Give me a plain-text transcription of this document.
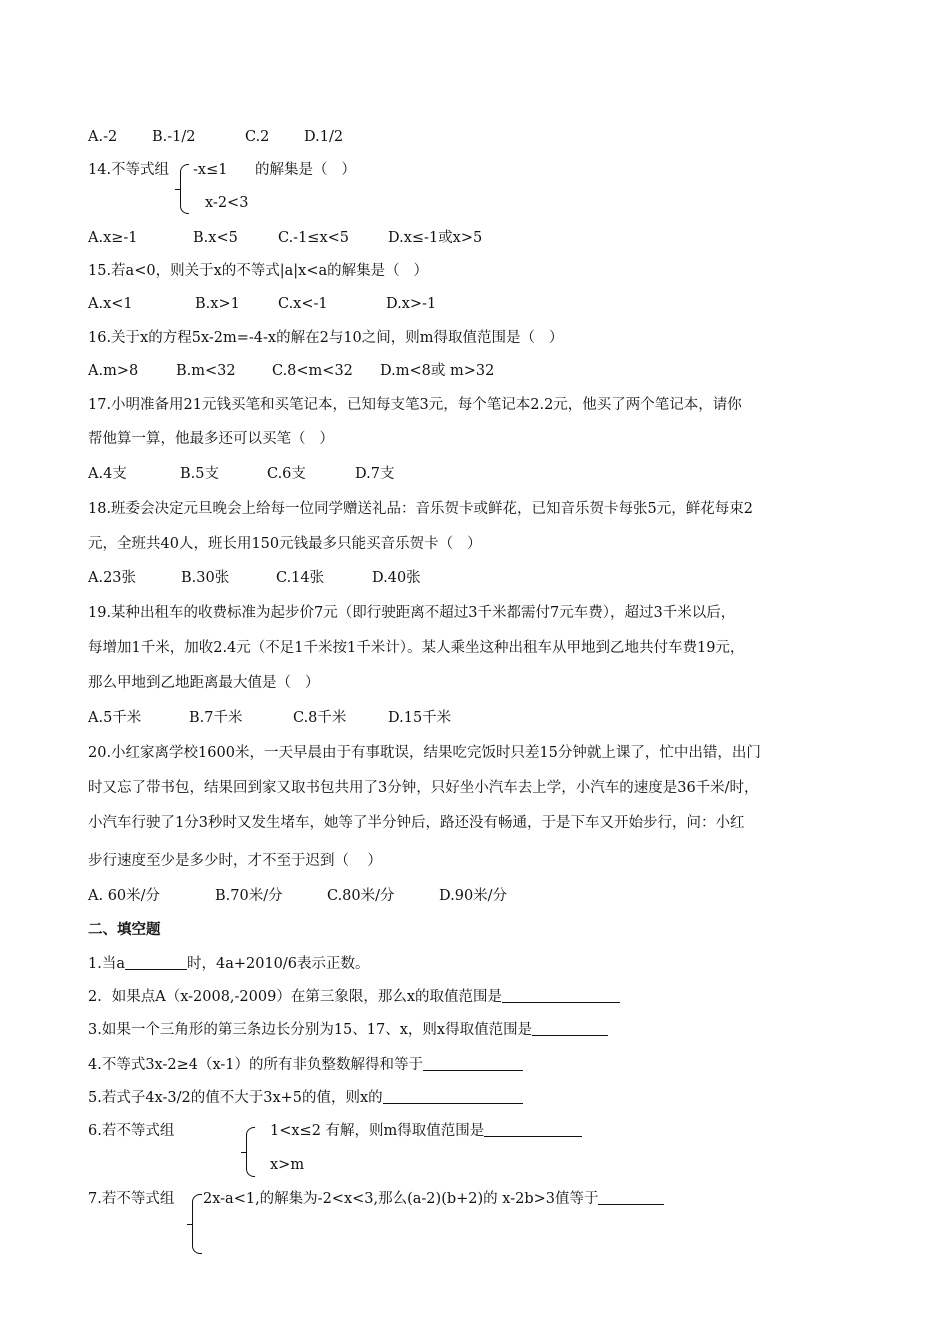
A.-2 B.-1/2	C.2 D.1/2
14.不等式组 -x≤1 的解集是（   ）
x-2<3
A.x≥-1	B.x<5	C.-1≤x<5	D.x≤-1或x>5
15.若a<0，则关于x的不等式|a|x<a的解集是（   ）
A.x<1	B.x>1	C.x<-1	D.x>-1
16.关于x的方程5x-2m=-4-x的解在2与10之间，则m得取值范围是（   ）
A.m>8	B.m<32	C.8<m<32 D.m<8或 m>32
17.小明准备用21元钱买笔和买笔记本，已知每支笔3元，每个笔记本2.2元，他买了两个笔记本，请你
帮他算一算，他最多还可以买笔（   ）
A.4支	B.5支	C.6支	D.7支
18.班委会决定元旦晚会上给每一位同学赠送礼品：音乐贺卡或鲜花，已知音乐贺卡每张5元，鲜花每束2
元，全班共40人，班长用150元钱最多只能买音乐贺卡（   ）
A.23张	B.30张	C.14张	D.40张
19.某种出租车的收费标准为起步价7元（即行驶距离不超过3千米都需付7元车费），超过3千米以后，
每增加1千米，加收2.4元（不足1千米按1千米计）。某人乘坐这种出租车从甲地到乙地共付车费19元，
那么甲地到乙地距离最大值是（   ）
A.5千米	B.7千米	C.8千米	D.15千米
20.小红家离学校1600米，一天早晨由于有事耽误，结果吃完饭时只差15分钟就上课了，忙中出错，出门
时又忘了带书包，结果回到家又取书包共用了3分钟，只好坐小汽车去上学，小汽车的速度是36千米/时，
小汽车行驶了1分3秒时又发生堵车，她等了半分钟后，路还没有畅通，于是下车又开始步行，问：小红
步行速度至少是多少时，才不至于迟到（    ）
A. 60米/分	B.70米/分	C.80米/分	D.90米/分
二、填空题
1.当a	时，4a+2010/6表示正数。
2．如果点A（x-2008,-2009）在第三象限，那么x的取值范围是
3.如果一个三角形的第三条边长分别为15、17、x，则x得取值范围是
4.不等式3x-2≥4（x-1）的所有非负整数解得和等于
5.若式子4x-3/2的值不大于3x+5的值，则x的
6.若不等式组	1<x≤2 有解，则m得取值范围是
x>m
7.若不等式组 2x-a<1,的解集为-2<x<3,那么(a-2)(b+2)的 x-2b>3值等于
